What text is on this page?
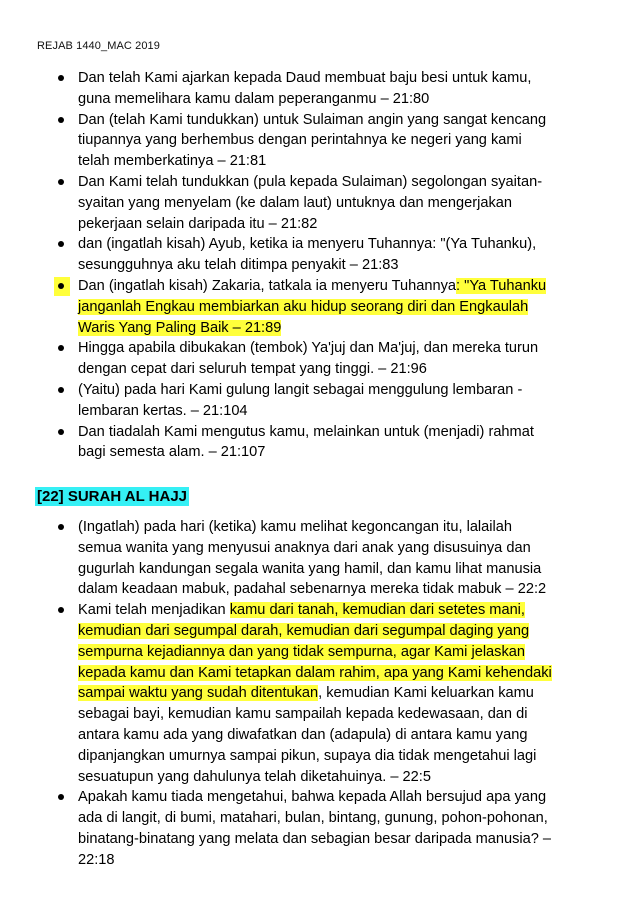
REJAB 1440_MAC 2019
Dan telah Kami ajarkan kepada Daud membuat baju besi untuk kamu,
guna memelihara kamu dalam peperanganmu – 21:80
Dan (telah Kami tundukkan) untuk Sulaiman angin yang sangat kencang
tiupannya yang berhembus dengan perintahnya ke negeri yang kami
telah memberkatinya – 21:81
Dan Kami telah tundukkan (pula kepada Sulaiman) segolongan syaitan-
syaitan yang menyelam (ke dalam laut) untuknya dan mengerjakan
pekerjaan selain daripada itu – 21:82
dan (ingatlah kisah) Ayub, ketika ia menyeru Tuhannya: "(Ya Tuhanku),
sesungguhnya aku telah ditimpa penyakit – 21:83
Dan (ingatlah kisah) Zakaria, tatkala ia menyeru Tuhannya: "Ya Tuhanku
janganlah Engkau membiarkan aku hidup seorang diri dan Engkaulah
Waris Yang Paling Baik – 21:89
Hingga apabila dibukakan (tembok) Ya'juj dan Ma'juj, dan mereka turun
dengan cepat dari seluruh tempat yang tinggi. – 21:96
(Yaitu) pada hari Kami gulung langit sebagai menggulung lembaran -
lembaran kertas. – 21:104
Dan tiadalah Kami mengutus kamu, melainkan untuk (menjadi) rahmat
bagi semesta alam. – 21:107
[22] SURAH AL HAJJ
(Ingatlah) pada hari (ketika) kamu melihat kegoncangan itu, lalailah
semua wanita yang menyusui anaknya dari anak yang disusuinya dan
gugurlah kandungan segala wanita yang hamil, dan kamu lihat manusia
dalam keadaan mabuk, padahal sebenarnya mereka tidak mabuk – 22:2
Kami telah menjadikan kamu dari tanah, kemudian dari setetes mani,
kemudian dari segumpal darah, kemudian dari segumpal daging yang
sempurna kejadiannya dan yang tidak sempurna, agar Kami jelaskan
kepada kamu dan Kami tetapkan dalam rahim, apa yang Kami kehendaki
sampai waktu yang sudah ditentukan, kemudian Kami keluarkan kamu
sebagai bayi, kemudian kamu sampailah kepada kedewasaan, dan di
antara kamu ada yang diwafatkan dan (adapula) di antara kamu yang
dipanjangkan umurnya sampai pikun, supaya dia tidak mengetahui lagi
sesuatupun yang dahulunya telah diketahuinya. – 22:5
Apakah kamu tiada mengetahui, bahwa kepada Allah bersujud apa yang
ada di langit, di bumi, matahari, bulan, bintang, gunung, pohon-pohonan,
binatang-binatang yang melata dan sebagian besar daripada manusia? –
22:18
